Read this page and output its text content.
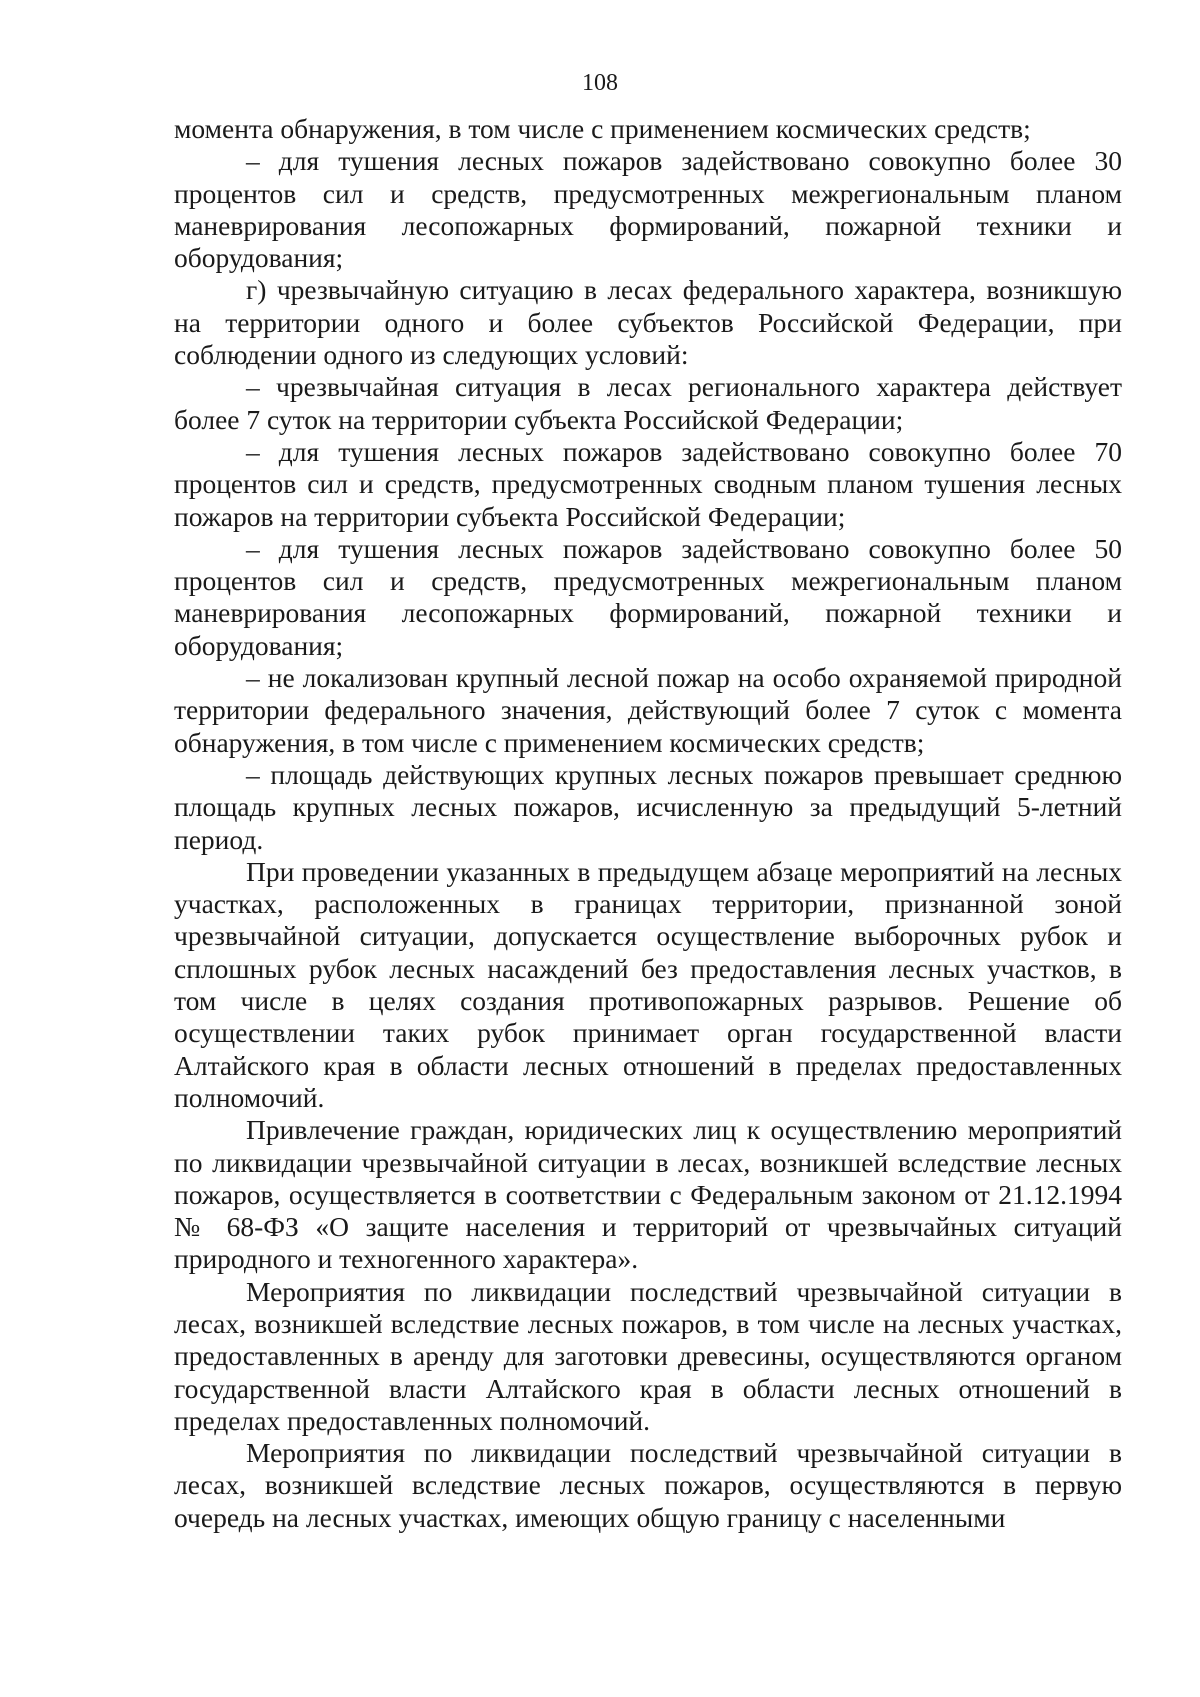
108

момента обнаружения, в том числе с применением космических средств;

– для тушения лесных пожаров задействовано совокупно более 30 процентов сил и средств, предусмотренных межрегиональным планом маневрирования лесопожарных формирований, пожарной техники и оборудования;

г) чрезвычайную ситуацию в лесах федерального характера, возникшую на территории одного и более субъектов Российской Федерации, при соблюдении одного из следующих условий:

– чрезвычайная ситуация в лесах регионального характера действует более 7 суток на территории субъекта Российской Федерации;

– для тушения лесных пожаров задействовано совокупно более 70 процентов сил и средств, предусмотренных сводным планом тушения лесных пожаров на территории субъекта Российской Федерации;

– для тушения лесных пожаров задействовано совокупно более 50 процентов сил и средств, предусмотренных межрегиональным планом маневрирования лесопожарных формирований, пожарной техники и оборудования;

– не локализован крупный лесной пожар на особо охраняемой природной территории федерального значения, действующий более 7 суток с момента обнаружения, в том числе с применением космических средств;

– площадь действующих крупных лесных пожаров превышает среднюю площадь крупных лесных пожаров, исчисленную за предыдущий 5-летний период.

При проведении указанных в предыдущем абзаце мероприятий на лесных участках, расположенных в границах территории, признанной зоной чрезвычайной ситуации, допускается осуществление выборочных рубок и сплошных рубок лесных насаждений без предоставления лесных участков, в том числе в целях создания противопожарных разрывов. Решение об осуществлении таких рубок принимает орган государственной власти Алтайского края в области лесных отношений в пределах предоставленных полномочий.

Привлечение граждан, юридических лиц к осуществлению мероприятий по ликвидации чрезвычайной ситуации в лесах, возникшей вследствие лесных пожаров, осуществляется в соответствии с Федеральным законом от 21.12.1994 № 68-ФЗ «О защите населения и территорий от чрезвычайных ситуаций природного и техногенного характера».

Мероприятия по ликвидации последствий чрезвычайной ситуации в лесах, возникшей вследствие лесных пожаров, в том числе на лесных участках, предоставленных в аренду для заготовки древесины, осуществляются органом государственной власти Алтайского края в области лесных отношений в пределах предоставленных полномочий.

Мероприятия по ликвидации последствий чрезвычайной ситуации в лесах, возникшей вследствие лесных пожаров, осуществляются в первую очередь на лесных участках, имеющих общую границу с населенными
